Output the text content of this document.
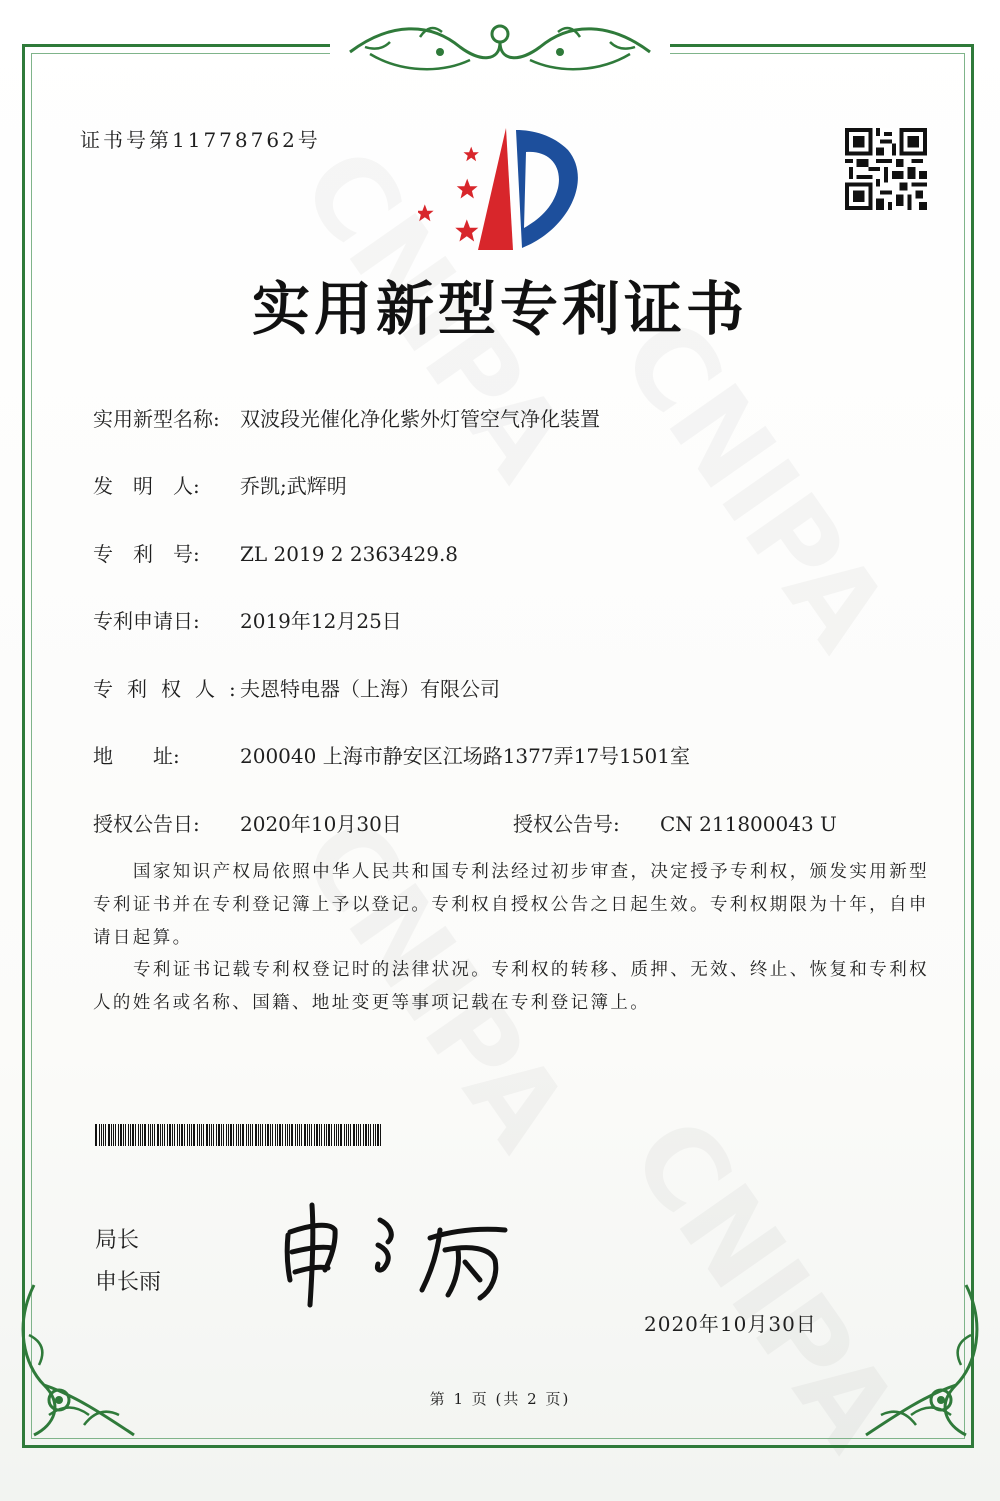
证书号第11778762号
实用新型专利证书
实用新型名称: 双波段光催化净化紫外灯管空气净化装置
发　明　人: 乔凯;武辉明
专　利　号: ZL 2019 2 2363429.8
专利申请日: 2019年12月25日
专利权人:夫恩特电器（上海）有限公司
地　　址:	200040 上海市静安区江场路1377弄17号1501室
授权公告日: 2020年10月30日	授权公告号: CN 211800043 U
国家知识产权局依照中华人民共和国专利法经过初步审查，决定授予专利权，颁发实用新型专利证书并在专利登记簿上予以登记。专利权自授权公告之日起生效。专利权期限为十年，自申请日起算。
专利证书记载专利权登记时的法律状况。专利权的转移、质押、无效、终止、恢复和专利权人的姓名或名称、国籍、地址变更等事项记载在专利登记簿上。
局长
申长雨
2020年10月30日
第 1 页 (共 2 页)
